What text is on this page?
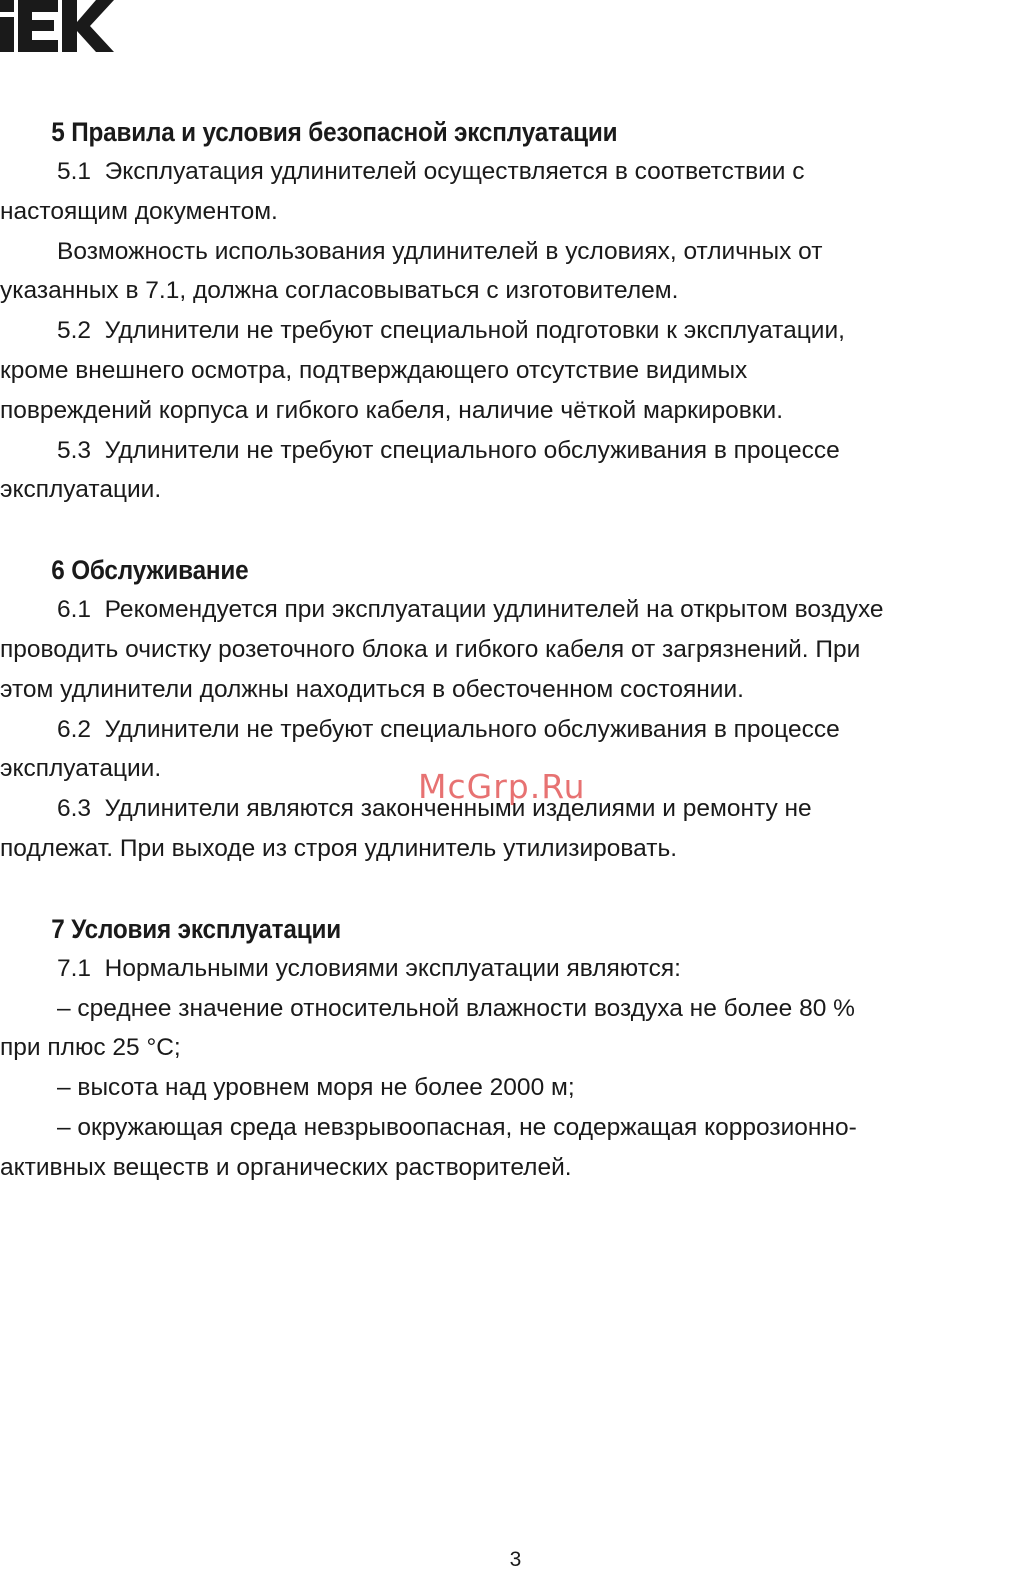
5 Правила и условия безопасной эксплуатации
5.1  Эксплуатация удлинителей осуществляется в соответствии с
настоящим документом.
Возможность использования удлинителей в условиях, отличных от
указанных в 7.1, должна согласовываться с изготовителем.
5.2  Удлинители не требуют специальной подготовки к эксплуатации,
кроме внешнего осмотра, подтверждающего отсутствие видимых
повреждений корпуса и гибкого кабеля, наличие чёткой маркировки.
5.3  Удлинители не требуют специального обслуживания в процессе
эксплуатации.
6 Обслуживание
6.1  Рекомендуется при эксплуатации удлинителей на открытом воздухе
проводить очистку розеточного блока и гибкого кабеля от загрязнений. При
этом удлинители должны находиться в обесточенном состоянии.
6.2  Удлинители не требуют специального обслуживания в процессе
эксплуатации.
6.3  Удлинители являются законченными изделиями и ремонту не
подлежат. При выходе из строя удлинитель утилизировать.
7 Условия эксплуатации
7.1  Нормальными условиями эксплуатации являются:
– среднее значение относительной влажности воздуха не более 80 %
при плюс 25 °С;
– высота над уровнем моря не более 2000 м;
– окружающая среда невзрывоопасная, не содержащая коррозионно-
активных веществ и органических растворителей.
McGrp.Ru
3
